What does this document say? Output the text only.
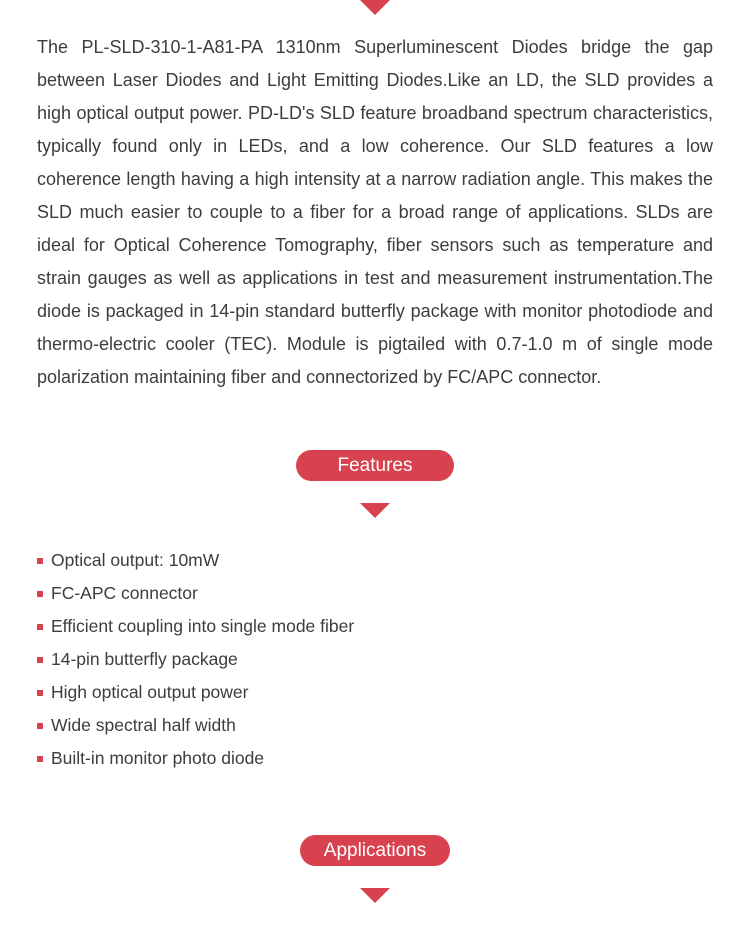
The PL-SLD-310-1-A81-PA 1310nm Superluminescent Diodes bridge the gap between Laser Diodes and Light Emitting Diodes.Like an LD, the SLD provides a high optical output power. PD-LD's SLD feature broadband spectrum characteristics, typically found only in LEDs, and a low coherence. Our SLD features a low coherence length having a high intensity at a narrow radiation angle. This makes the SLD much easier to couple to a fiber for a broad range of applications. SLDs are ideal for Optical Coherence Tomography, fiber sensors such as temperature and strain gauges as well as applications in test and measurement instrumentation.The diode is packaged in 14-pin standard butterfly package with monitor photodiode and thermo-electric cooler (TEC). Module is pigtailed with 0.7-1.0 m of single mode polarization maintaining fiber and connectorized by FC/APC connector.

Features
Optical output: 10mW
FC-APC connector
Efficient coupling into single mode fiber
14-pin butterfly package
High optical output power
Wide spectral half width
Built-in monitor photo diode
Applications
